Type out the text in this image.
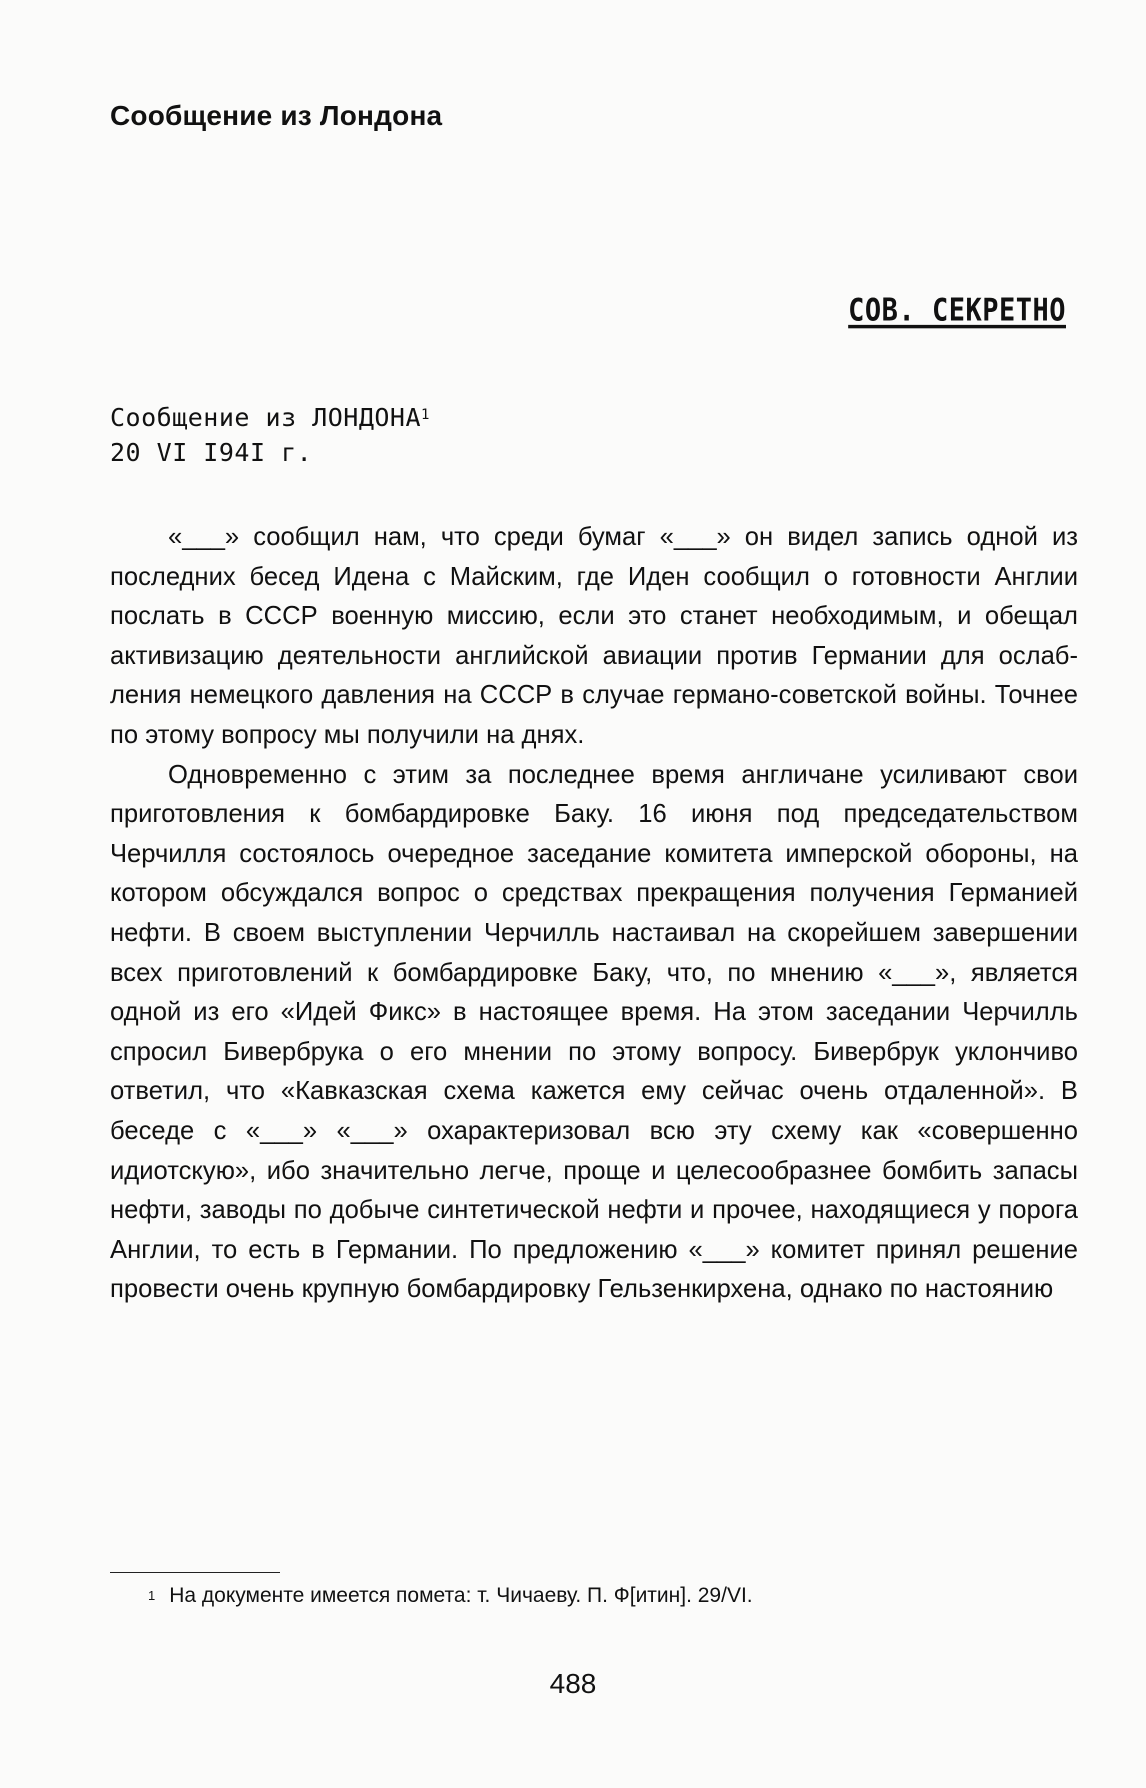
Сообщение из Лондона
СОВ. СЕКРЕТНО
Сообщение из ЛОНДОНА$^1$
20 VI I94I г.

«___» сообщил нам, что среди бумаг «___» он видел запись одной из последних бесед Идена с Майским, где Иден сообщил о готовности Англии послать в СССР военную миссию, если это станет необходимым, и обещал активизацию деятельности английской авиации против Германии для ослабления немецкого давления на СССР в случае германо-советской войны. Точнее по этому вопросу мы получили на днях.

Одновременно с этим за последнее время англичане усиливают свои приготовления к бомбардировке Баку. 16 июня под председательством Черчилля состоялось очередное заседание комитета имперской обороны, на котором обсуждался вопрос о средствах прекращения получения Германией нефти. В своем выступлении Черчилль настаивал на скорейшем завершении всех приготовлений к бомбардировке Баку, что, по мнению «___», является одной из его «Идей Фикс» в настоящее время. На этом заседании Черчилль спросил Бивербрука о его мнении по этому вопросу. Бивербрук уклончиво ответил, что «Кавказская схема кажется ему сейчас очень отдаленной». В беседе с «___» «___» охарактеризовал всю эту схему как «совершенно идиотскую», ибо значительно легче, проще и целесообразнее бомбить запасы нефти, заводы по добыче синтетической нефти и прочее, находящиеся у порога Англии, то есть в Германии. По предложению «___» комитет принял решение провести очень крупную бомбардировку Гельзенкирхена, однако по настоянию

$^1$ На документе имеется помета: т. Чичаеву. П. Ф[итин]. 29/VI.
488
